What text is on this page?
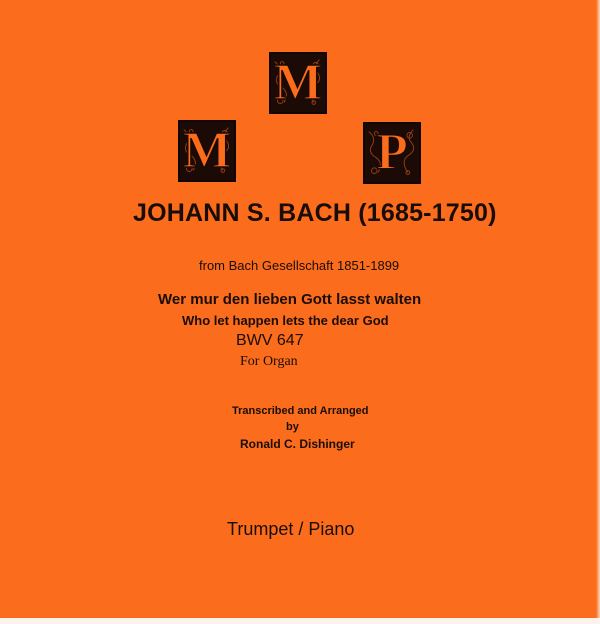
M
M
P
JOHANN S. BACH (1685-1750)
from Bach Gesellschaft 1851-1899
Wer mur den lieben Gott lasst walten
Who let happen lets the dear God
BWV 647
For Organ
Transcribed and Arranged
by
Ronald C. Dishinger
Trumpet / Piano
